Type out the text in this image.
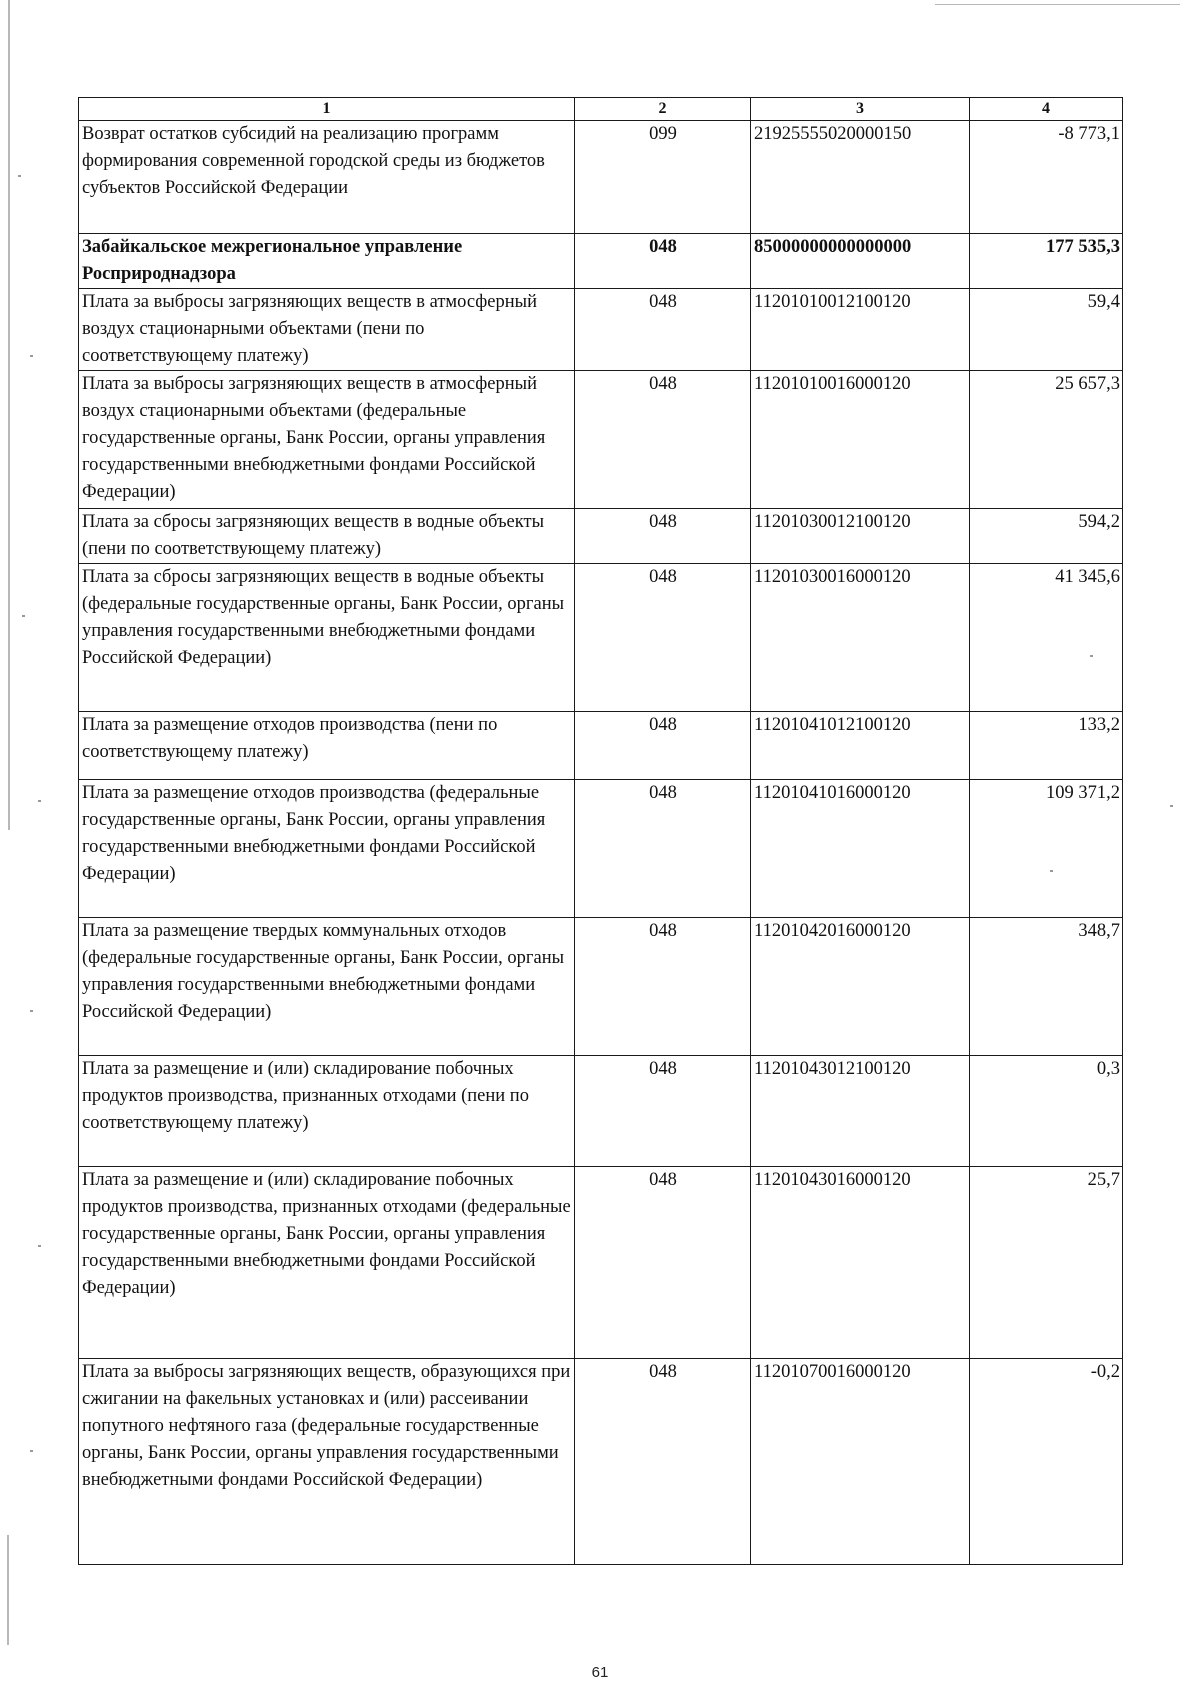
1	2	3	4
Возврат остатков субсидий на реализацию программ формирования современной городской среды из бюджетов субъектов Российской Федерации	099	21925555020000150	-8 773,1
Забайкальское межрегиональное управление Росприроднадзора	048	85000000000000000	177 535,3
Плата за выбросы загрязняющих веществ в атмосферный воздух стационарными объектами (пени по соответствующему платежу)	048	11201010012100120	59,4
Плата за выбросы загрязняющих веществ в атмосферный воздух стационарными объектами (федеральные государственные органы, Банк России, органы управления государственными внебюджетными фондами Российской Федерации)	048	11201010016000120	25 657,3
Плата за сбросы загрязняющих веществ в водные объекты (пени по соответствующему платежу)	048	11201030012100120	594,2
Плата за сбросы загрязняющих веществ в водные объекты (федеральные государственные органы, Банк России, органы управления государственными внебюджетными фондами Российской Федерации)	048	11201030016000120	41 345,6
Плата за размещение отходов производства (пени по соответствующему платежу)	048	11201041012100120	133,2
Плата за размещение отходов производства (федеральные государственные органы, Банк России, органы управления государственными внебюджетными фондами Российской Федерации)	048	11201041016000120	109 371,2
Плата за размещение твердых коммунальных отходов (федеральные государственные органы, Банк России, органы управления государственными внебюджетными фондами Российской Федерации)	048	11201042016000120	348,7
Плата за размещение и (или) складирование побочных продуктов производства, признанных отходами (пени по соответствующему платежу)	048	11201043012100120	0,3
Плата за размещение и (или) складирование побочных продуктов производства, признанных отходами (федеральные государственные органы, Банк России, органы управления государственными внебюджетными фондами Российской Федерации)	048	11201043016000120	25,7
Плата за выбросы загрязняющих веществ, образующихся при сжигании на факельных установках и (или) рассеивании попутного нефтяного газа (федеральные государственные органы, Банк России, органы управления государственными внебюджетными фондами Российской Федерации)	048	11201070016000120	-0,2
61
